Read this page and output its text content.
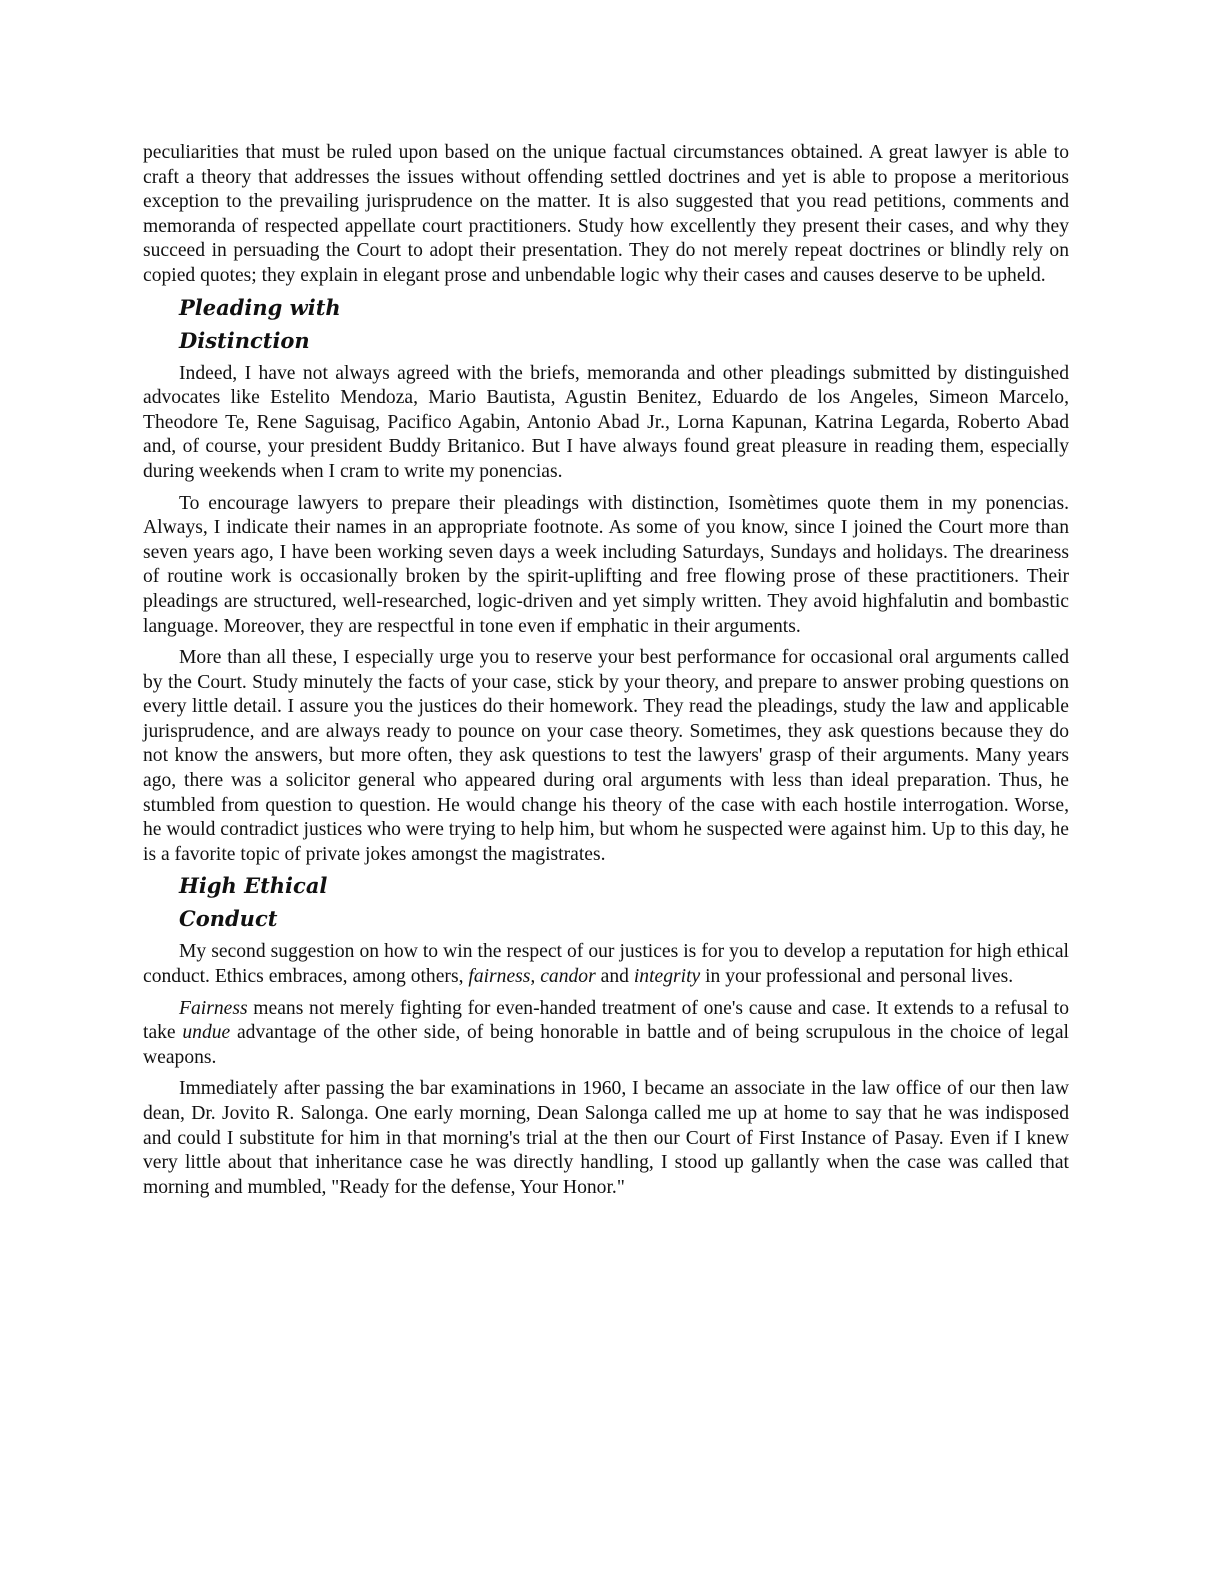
peculiarities that must be ruled upon based on the unique factual circumstances obtained. A great lawyer is able to craft a theory that addresses the issues without offending settled doctrines and yet is able to propose a meritorious exception to the prevailing jurisprudence on the matter. It is also suggested that you read petitions, comments and memoranda of respected appellate court practitioners. Study how excellently they present their cases, and why they succeed in persuading the Court to adopt their presentation. They do not merely repeat doctrines or blindly rely on copied quotes; they explain in elegant prose and unbendable logic why their cases and causes deserve to be upheld.

Pleading with
Distinction

Indeed, I have not always agreed with the briefs, memoranda and other pleadings submitted by distinguished advocates like Estelito Mendoza, Mario Bautista, Agustin Benitez, Eduardo de los Angeles, Simeon Marcelo, Theodore Te, Rene Saguisag, Pacifico Agabin, Antonio Abad Jr., Lorna Kapunan, Katrina Legarda, Roberto Abad and, of course, your president Buddy Britanico. But I have always found great pleasure in reading them, especially during weekends when I cram to write my ponencias.

To encourage lawyers to prepare their pleadings with distinction, Isomètimes quote them in my ponencias. Always, I indicate their names in an appropriate footnote. As some of you know, since I joined the Court more than seven years ago, I have been working seven days a week including Saturdays, Sundays and holidays. The dreariness of routine work is occasionally broken by the spirit-uplifting and free flowing prose of these practitioners. Their pleadings are structured, well-researched, logic-driven and yet simply written. They avoid highfalutin and bombastic language. Moreover, they are respectful in tone even if emphatic in their arguments.

More than all these, I especially urge you to reserve your best performance for occasional oral arguments called by the Court. Study minutely the facts of your case, stick by your theory, and prepare to answer probing questions on every little detail. I assure you the justices do their homework. They read the pleadings, study the law and applicable jurisprudence, and are always ready to pounce on your case theory. Sometimes, they ask questions because they do not know the answers, but more often, they ask questions to test the lawyers' grasp of their arguments. Many years ago, there was a solicitor general who appeared during oral arguments with less than ideal preparation. Thus, he stumbled from question to question. He would change his theory of the case with each hostile interrogation. Worse, he would contradict justices who were trying to help him, but whom he suspected were against him. Up to this day, he is a favorite topic of private jokes amongst the magistrates.

High Ethical
Conduct

My second suggestion on how to win the respect of our justices is for you to develop a reputation for high ethical conduct. Ethics embraces, among others, fairness, candor and integrity in your professional and personal lives.

Fairness means not merely fighting for even-handed treatment of one's cause and case. It extends to a refusal to take undue advantage of the other side, of being honorable in battle and of being scrupulous in the choice of legal weapons.

Immediately after passing the bar examinations in 1960, I became an associate in the law office of our then law dean, Dr. Jovito R. Salonga. One early morning, Dean Salonga called me up at home to say that he was indisposed and could I substitute for him in that morning's trial at the then our Court of First Instance of Pasay. Even if I knew very little about that inheritance case he was directly handling, I stood up gallantly when the case was called that morning and mumbled, "Ready for the defense, Your Honor."
